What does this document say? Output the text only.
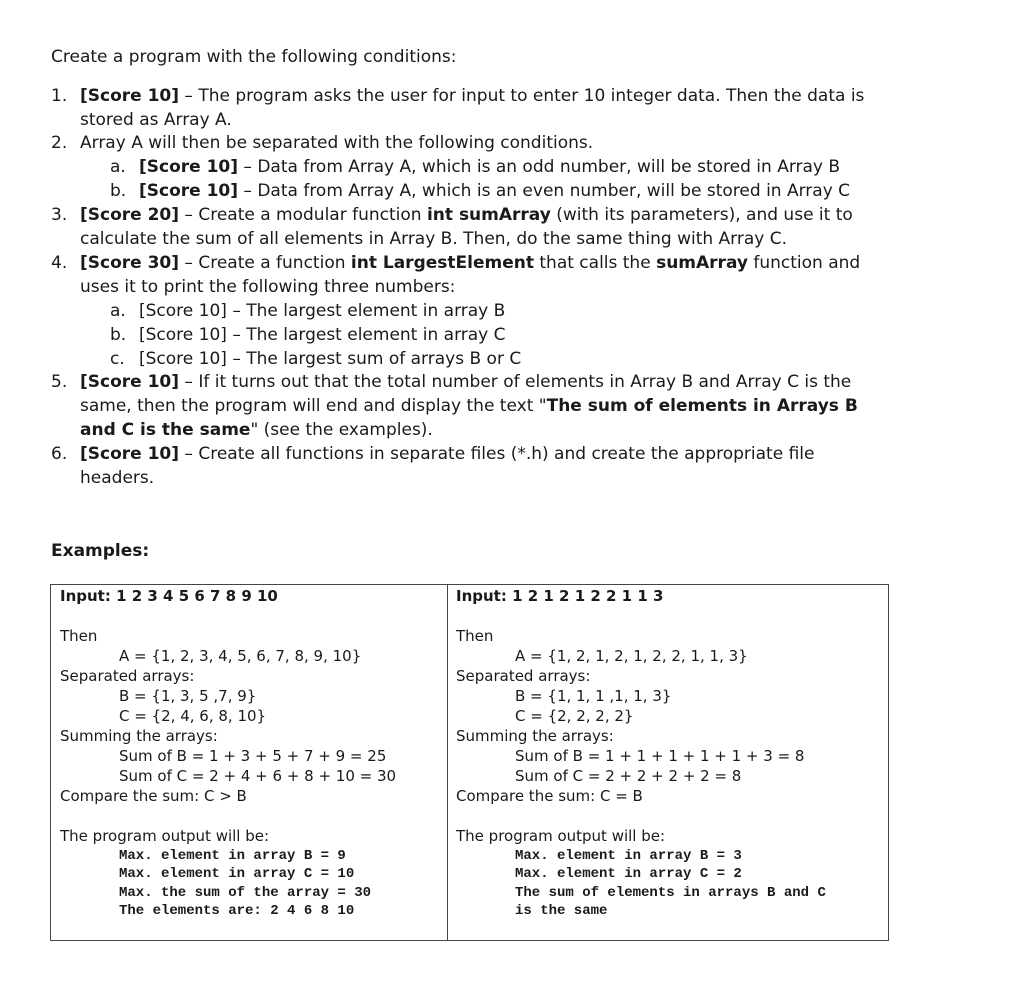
Create a program with the following conditions:
1. [Score 10] – The program asks the user for input to enter 10 integer data. Then the data is
stored as Array A.
2. Array A will then be separated with the following conditions.
a. [Score 10] – Data from Array A, which is an odd number, will be stored in Array B
b. [Score 10] – Data from Array A, which is an even number, will be stored in Array C
3. [Score 20] – Create a modular function int sumArray (with its parameters), and use it to
calculate the sum of all elements in Array B. Then, do the same thing with Array C.
4. [Score 30] – Create a function int LargestElement that calls the sumArray function and
uses it to print the following three numbers:
a. [Score 10] – The largest element in array B
b. [Score 10] – The largest element in array C
c. [Score 10] – The largest sum of arrays B or C
5. [Score 10] – If it turns out that the total number of elements in Array B and Array C is the
same, then the program will end and display the text "The sum of elements in Arrays B
and C is the same" (see the examples).
6. [Score 10] – Create all functions in separate files (*.h) and create the appropriate file
headers.
Examples:
Input: 1 2 3 4 5 6 7 8 9 10
Then
A = {1, 2, 3, 4, 5, 6, 7, 8, 9, 10}
Separated arrays:
B = {1, 3, 5 ,7, 9}
C = {2, 4, 6, 8, 10}
Summing the arrays:
Sum of B = 1 + 3 + 5 + 7 + 9 = 25
Sum of C = 2 + 4 + 6 + 8 + 10 = 30
Compare the sum: C > B
The program output will be:
Max. element in array B = 9
Max. element in array C = 10
Max. the sum of the array = 30
The elements are: 2 4 6 8 10
Input: 1 2 1 2 1 2 2 1 1 3
Then
A = {1, 2, 1, 2, 1, 2, 2, 1, 1, 3}
Separated arrays:
B = {1, 1, 1 ,1, 1, 3}
C = {2, 2, 2, 2}
Summing the arrays:
Sum of B = 1 + 1 + 1 + 1 + 1 + 3 = 8
Sum of C = 2 + 2 + 2 + 2 = 8
Compare the sum: C = B
The program output will be:
Max. element in array B = 3
Max. element in array C = 2
The sum of elements in arrays B and C
is the same
